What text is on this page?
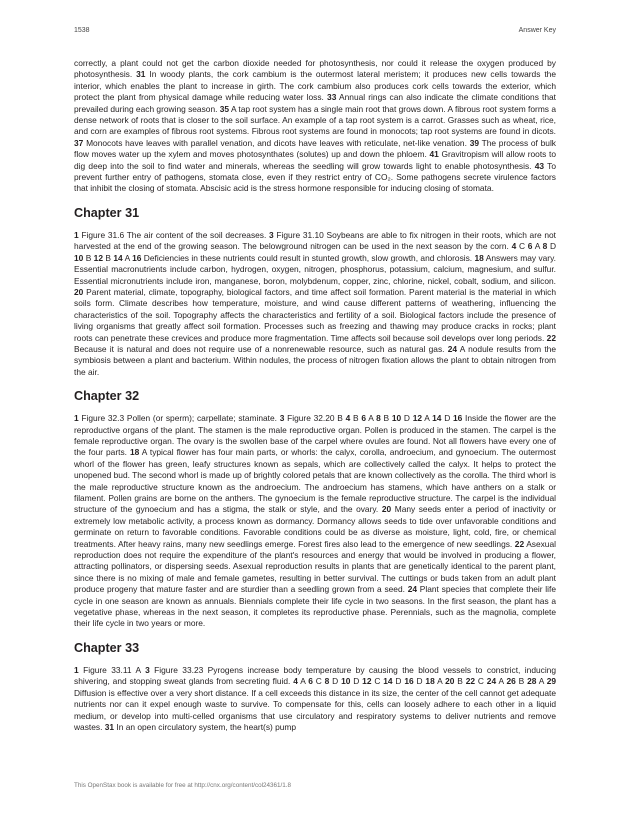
1538	Answer Key

correctly, a plant could not get the carbon dioxide needed for photosynthesis, nor could it release the oxygen produced by photosynthesis. 31 In woody plants, the cork cambium is the outermost lateral meristem; it produces new cells towards the interior, which enables the plant to increase in girth. The cork cambium also produces cork cells towards the exterior, which protect the plant from physical damage while reducing water loss. 33 Annual rings can also indicate the climate conditions that prevailed during each growing season. 35 A tap root system has a single main root that grows down. A fibrous root system forms a dense network of roots that is closer to the soil surface. An example of a tap root system is a carrot. Grasses such as wheat, rice, and corn are examples of fibrous root systems. Fibrous root systems are found in monocots; tap root systems are found in dicots. 37 Monocots have leaves with parallel venation, and dicots have leaves with reticulate, net-like venation. 39 The process of bulk flow moves water up the xylem and moves photosynthates (solutes) up and down the phloem. 41 Gravitropism will allow roots to dig deep into the soil to find water and minerals, whereas the seedling will grow towards light to enable photosynthesis. 43 To prevent further entry of pathogens, stomata close, even if they restrict entry of CO₂. Some pathogens secrete virulence factors that inhibit the closing of stomata. Abscisic acid is the stress hormone responsible for inducing closing of stomata.

Chapter 31

1 Figure 31.6 The air content of the soil decreases. 3 Figure 31.10 Soybeans are able to fix nitrogen in their roots, which are not harvested at the end of the growing season. The belowground nitrogen can be used in the next season by the corn. 4 C 6 A 8 D 10 B 12 B 14 A 16 Deficiencies in these nutrients could result in stunted growth, slow growth, and chlorosis. 18 Answers may vary. Essential macronutrients include carbon, hydrogen, oxygen, nitrogen, phosphorus, potassium, calcium, magnesium, and sulfur. Essential micronutrients include iron, manganese, boron, molybdenum, copper, zinc, chlorine, nickel, cobalt, sodium, and silicon. 20 Parent material, climate, topography, biological factors, and time affect soil formation. Parent material is the material in which soils form. Climate describes how temperature, moisture, and wind cause different patterns of weathering, influencing the characteristics of the soil. Topography affects the characteristics and fertility of a soil. Biological factors include the presence of living organisms that greatly affect soil formation. Processes such as freezing and thawing may produce cracks in rocks; plant roots can penetrate these crevices and produce more fragmentation. Time affects soil because soil develops over long periods. 22 Because it is natural and does not require use of a nonrenewable resource, such as natural gas. 24 A nodule results from the symbiosis between a plant and bacterium. Within nodules, the process of nitrogen fixation allows the plant to obtain nitrogen from the air.

Chapter 32

1 Figure 32.3 Pollen (or sperm); carpellate; staminate. 3 Figure 32.20 B 4 B 6 A 8 B 10 D 12 A 14 D 16 Inside the flower are the reproductive organs of the plant. The stamen is the male reproductive organ. Pollen is produced in the stamen. The carpel is the female reproductive organ. The ovary is the swollen base of the carpel where ovules are found. Not all flowers have every one of the four parts. 18 A typical flower has four main parts, or whorls: the calyx, corolla, androecium, and gynoecium. The outermost whorl of the flower has green, leafy structures known as sepals, which are collectively called the calyx. It helps to protect the unopened bud. The second whorl is made up of brightly colored petals that are known collectively as the corolla. The third whorl is the male reproductive structure known as the androecium. The androecium has stamens, which have anthers on a stalk or filament. Pollen grains are borne on the anthers. The gynoecium is the female reproductive structure. The carpel is the individual structure of the gynoecium and has a stigma, the stalk or style, and the ovary. 20 Many seeds enter a period of inactivity or extremely low metabolic activity, a process known as dormancy. Dormancy allows seeds to tide over unfavorable conditions and germinate on return to favorable conditions. Favorable conditions could be as diverse as moisture, light, cold, fire, or chemical treatments. After heavy rains, many new seedlings emerge. Forest fires also lead to the emergence of new seedlings. 22 Asexual reproduction does not require the expenditure of the plant's resources and energy that would be involved in producing a flower, attracting pollinators, or dispersing seeds. Asexual reproduction results in plants that are genetically identical to the parent plant, since there is no mixing of male and female gametes, resulting in better survival. The cuttings or buds taken from an adult plant produce progeny that mature faster and are sturdier than a seedling grown from a seed. 24 Plant species that complete their life cycle in one season are known as annuals. Biennials complete their life cycle in two seasons. In the first season, the plant has a vegetative phase, whereas in the next season, it completes its reproductive phase. Perennials, such as the magnolia, complete their life cycle in two years or more.

Chapter 33

1 Figure 33.11 A 3 Figure 33.23 Pyrogens increase body temperature by causing the blood vessels to constrict, inducing shivering, and stopping sweat glands from secreting fluid. 4 A 6 C 8 D 10 D 12 C 14 D 16 D 18 A 20 B 22 C 24 A 26 B 28 A 29 Diffusion is effective over a very short distance. If a cell exceeds this distance in its size, the center of the cell cannot get adequate nutrients nor can it expel enough waste to survive. To compensate for this, cells can loosely adhere to each other in a liquid medium, or develop into multi-celled organisms that use circulatory and respiratory systems to deliver nutrients and remove wastes. 31 In an open circulatory system, the heart(s) pump

This OpenStax book is available for free at http://cnx.org/content/col24361/1.8
